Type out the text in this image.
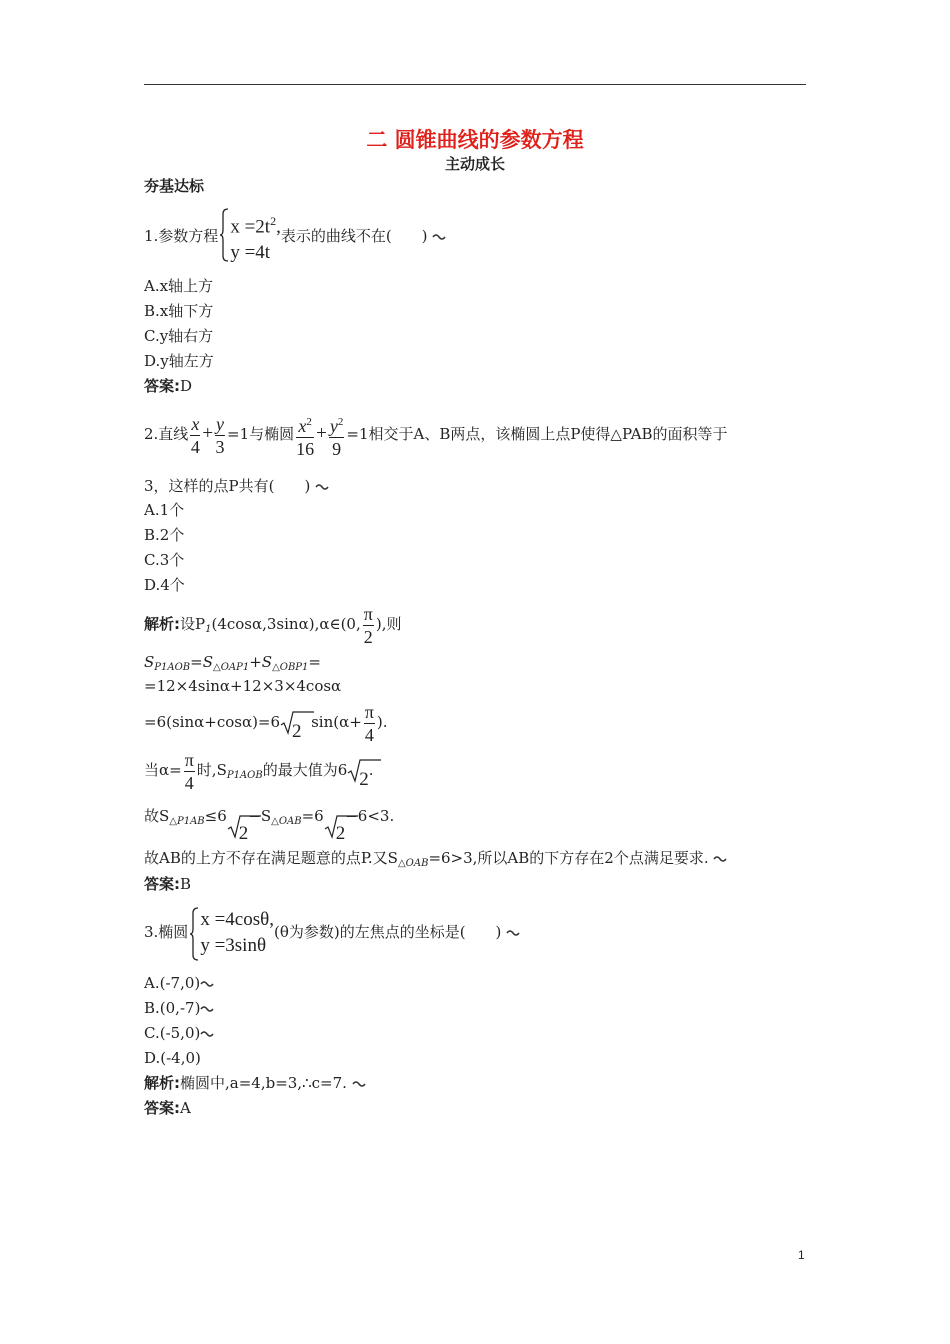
二 圆锥曲线的参数方程
主动成长
夯基达标
1.参数方程 $x =2t^2$,
y =4t
表示的曲线不在(　　)
A.x轴上方
B.x轴下方
C.y轴右方
D.y轴左方
答案:D
2.直线 $\frac{x}{4} + \frac{y}{3} =1$与椭圆 $\frac{x^2}{16} + \frac{y^2}{9} =1$相交于A、B两点，该椭圆上点P使得△PAB的面积等于
3，这样的点P共有(　　)
A.1个
B.2个
C.3个
D.4个
解析:设$P_1(4\cos\alpha,3\sin\alpha),\alpha\in(0$, $\frac{\pi}{2}$ ),则
$S_{P1AOB}=S_{\triangle OAP1}+S_{\triangle OBP1}=$
=12×4sinα+12×3×4cosα
=6(sinα+cosα)=6 2 $\sin(\alpha+ \frac{\pi}{4}$ ).
当$\alpha= \frac{\pi}{4}$ 时$,S_{P1AOB}$的最大值为6 2.
故$S_{\triangle P1AB}\le 6$
$2-S_{\triangle OAB}=6$
2−6<3.
故AB的上方不存在满足题意的点P.又$S_{\triangle OAB}=6>3$,所以AB的下方存在2个点满足要求.
答案:B
3.椭圆
x =4cosθ,
y =3sinθ
(θ为参数)的左焦点的坐标是(　　)
A.(-7,0)
B.(0,-7)
C.(-5,0)
D.(-4,0)
解析:椭圆中,a=4,b=3,∴c=7.
答案:A
1
